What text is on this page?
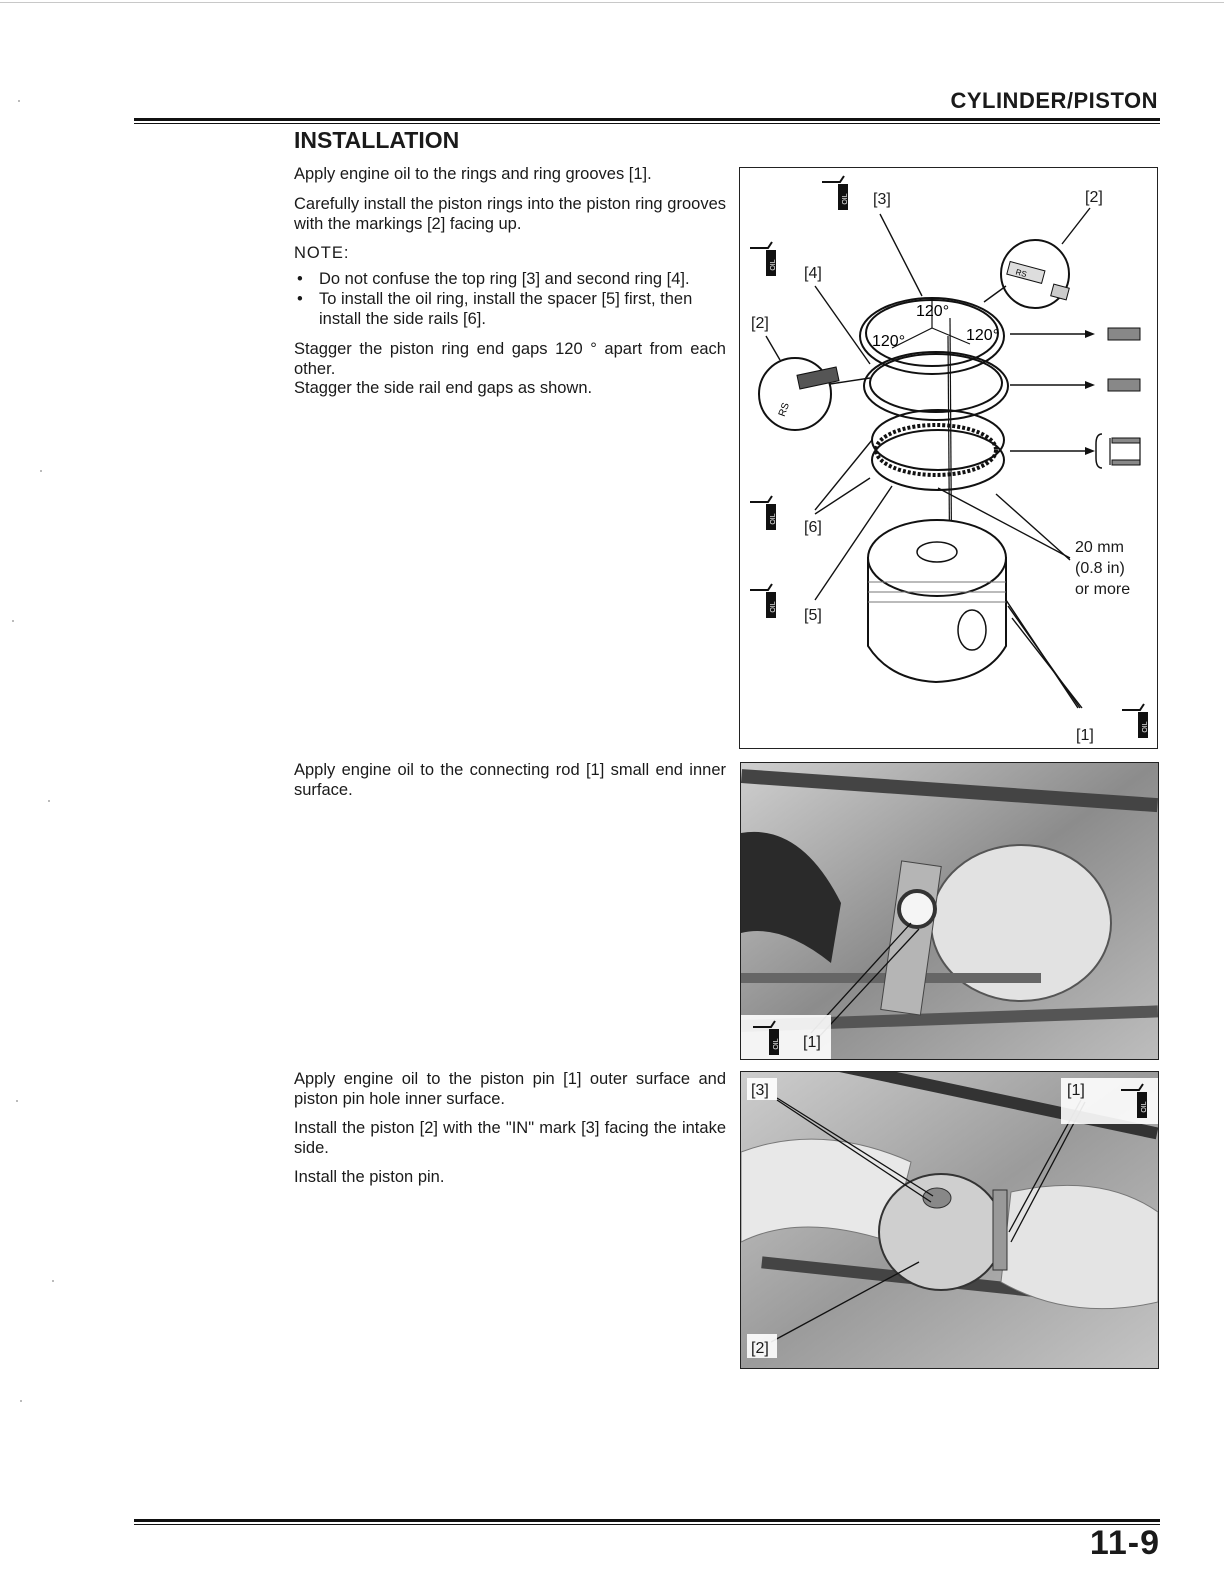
CYLINDER/PISTON
INSTALLATION
Apply engine oil to the rings and ring grooves [1].
Carefully install the piston rings into the piston ring grooves with the markings [2] facing up.
NOTE:
• Do not confuse the top ring [3] and second ring [4].
• To install the oil ring, install the spacer [5] first, then install the side rails [6].
Stagger the piston ring end gaps 120 ° apart from each other.
Stagger the side rail end gaps as shown.
OIL	[3]	[2]
[4]
[2]
[6]
[5]
[1]
RS
RS
20 mm
(0.8 in)
or more
120°
120°	120°
Apply engine oil to the connecting rod [1] small end inner surface.
[1]
Apply engine oil to the piston pin [1] outer surface and piston pin hole inner surface.
Install the piston [2] with the "IN" mark [3] facing the intake side.
Install the piston pin.
[3]	[1]
[2]
11-9
